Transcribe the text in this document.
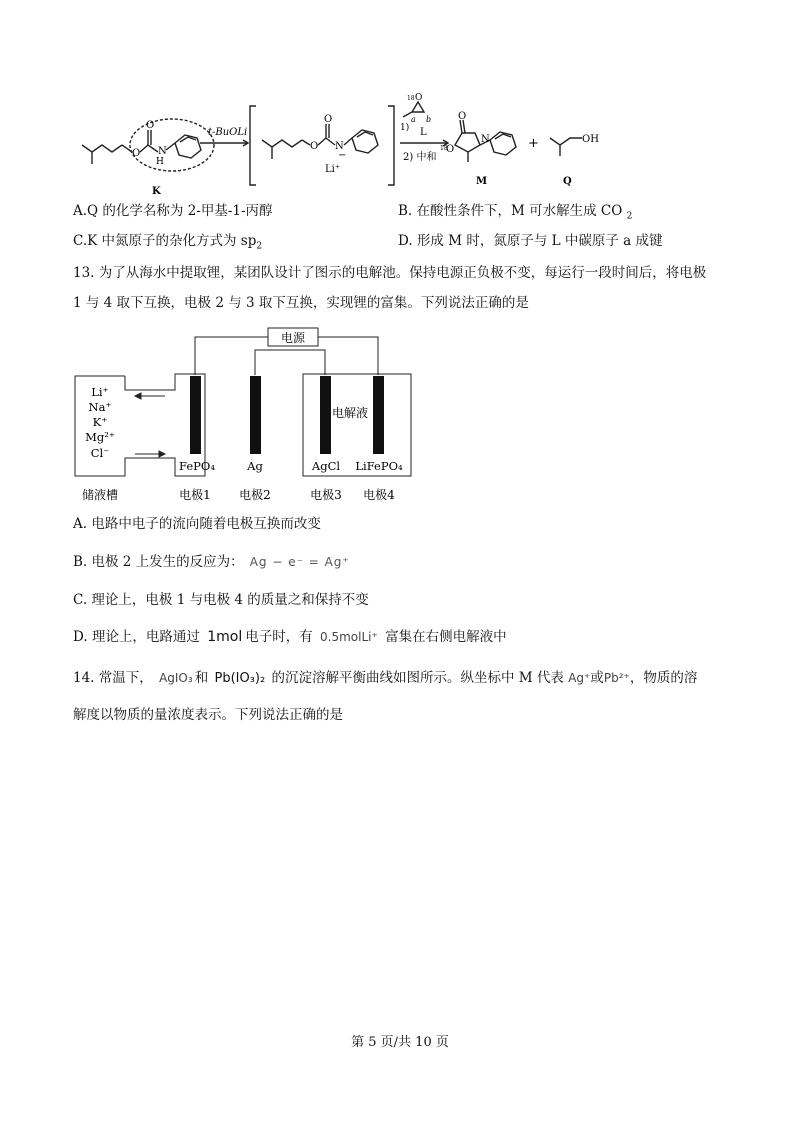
O
O
N
H
t-BuOLi
O
O
N
−
Li⁺
K
1)
18 O
a b
L
2) 中和
18
O
O
N
M
+	OH
Q
A.Q 的化学名称为 2-甲基-1-丙醇	B. 在酸性条件下，M 可水解生成 CO $_2$
C.K 中氮原子的杂化方式为 $sp_2$	D. 形成 M 时，氮原子与 L 中碳原子 a 成键
13. 为了从海水中提取锂，某团队设计了图示的电解池。保持电源正负极不变，每运行一段时间后，将电极
1 与 4 取下互换，电极 2 与 3 取下互换，实现锂的富集。下列说法正确的是
电源
电解液
Li⁺
Na⁺
K⁺
Mg²⁺
Cl⁻
FePO₄	Ag	AgCl LiFePO₄
储液槽	电极1 电极2	电极3 电极4
A. 电路中电子的流向随着电极互换而改变
B. 电极 2 上发生的反应为： Ag − e⁻ = Ag⁺
C. 理论上，电极 1 与电极 4 的质量之和保持不变
D. 理论上，电路通过 1mol 电子时，有 0.5molLi⁺ 富集在右侧电解液中
14. 常温下， AgIO₃ 和 Pb(IO₃)₂ 的沉淀溶解平衡曲线如图所示。纵坐标中 M 代表 Ag⁺或Pb²⁺，物质的溶
解度以物质的量浓度表示。下列说法正确的是
第 5 页/共 10 页
